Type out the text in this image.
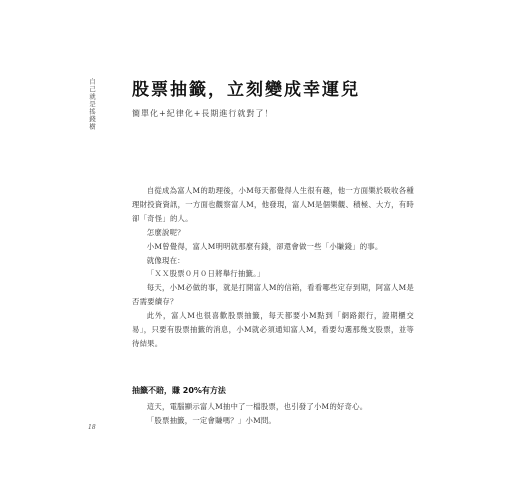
自己就是搖錢樹 股票抽籤，立刻變成幸運兒
簡單化+紀律化+長期進行就對了！

自從成為富人M的助理後，小M每天都覺得人生很有趣，他一方面樂於吸收各種理財投資資訊，一方面也觀察富人M，他發現，富人M是個樂觀、積極、大方，有時卻「奇怪」的人。

怎麼說呢？

小M曾覺得，富人M明明就那麼有錢，卻還會做一些「小賺錢」的事。

就像現在：

「ＸＸ股票０月０日將舉行抽籤。」

每天，小M必做的事，就是打開富人M的信箱，看看哪些定存到期，阿富人M是否需要續存？

此外，富人M也很喜歡股票抽籤，每天都要小M點到「網路銀行，證期櫃交易」，只要有股票抽籤的消息，小M就必須通知富人M，看要勾選那幾支股票，並等待結果。

抽籤不賠，賺 20%有方法

這天，電腦顯示富人M抽中了一檔股票，也引發了小M的好奇心。

「股票抽籤，一定會賺嗎？」小M問。

18
